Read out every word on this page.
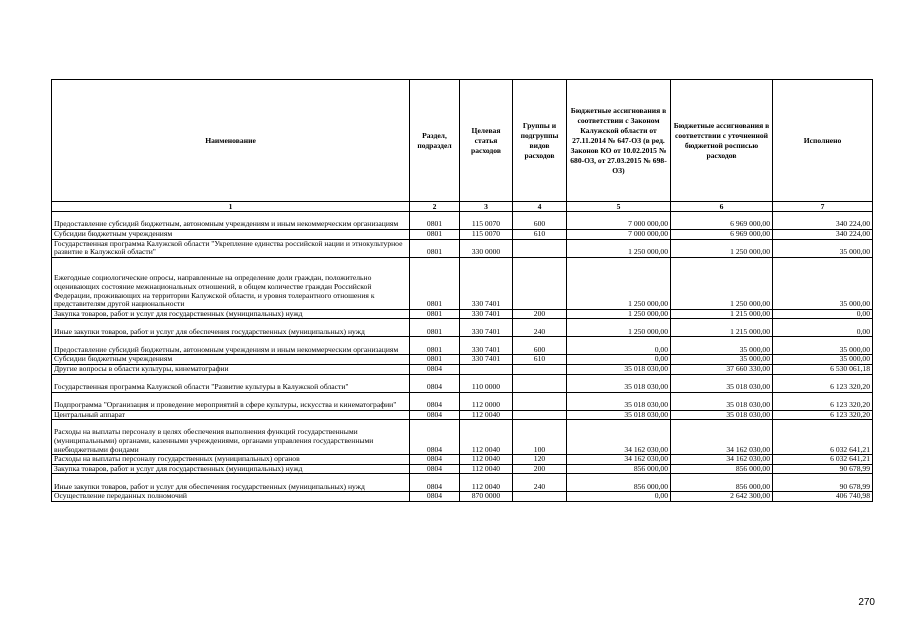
Наименование	Раздел, подраздел	Целевая статья расходов	Группы и подгруппы видов расходов	Бюджетные ассигнования в соответствии с Законом Калужской области от 27.11.2014 № 647-ОЗ (в ред. Законов КО от 10.02.2015 № 680-ОЗ, от 27.03.2015 № 698-ОЗ)	Бюджетные ассигнования в соответствии с уточненной бюджетной росписью расходов	Исполнено
1	2	3	4	5	6	7
Предоставление субсидий бюджетным, автономным учреждениям и иным некоммерческим организациям	0801	115 0070	600	7 000 000,00	6 969 000,00	340 224,00
Субсидии бюджетным учреждениям	0801	115 0070	610	7 000 000,00	6 969 000,00	340 224,00
Государственная программа Калужской области "Укрепление единства российской нации и этнокультурное развитие в Калужской области"	0801	330 0000		1 250 000,00	1 250 000,00	35 000,00
Ежегодные социологические опросы, направленные на определение доли граждан, положительно оценивающих состояние межнациональных отношений, в общем количестве граждан Российской Федерации, проживающих на территории Калужской области, и уровня толерантного отношения к представителям другой национальности	0801	330 7401		1 250 000,00	1 250 000,00	35 000,00
Закупка товаров, работ и услуг для государственных (муниципальных) нужд	0801	330 7401	200	1 250 000,00	1 215 000,00	0,00
Иные закупки товаров, работ и услуг для обеспечения государственных (муниципальных) нужд	0801	330 7401	240	1 250 000,00	1 215 000,00	0,00
Предоставление субсидий бюджетным, автономным учреждениям и иным некоммерческим организациям	0801	330 7401	600	0,00	35 000,00	35 000,00
Субсидии бюджетным учреждениям	0801	330 7401	610	0,00	35 000,00	35 000,00
Другие вопросы в области культуры, кинематографии	0804			35 018 030,00	37 660 330,00	6 530 061,18
Государственная программа Калужской области "Развитие культуры в Калужской области"	0804	110 0000		35 018 030,00	35 018 030,00	6 123 320,20
Подпрограмма "Организация и проведение мероприятий в сфере культуры, искусства и кинематографии"	0804	112 0000		35 018 030,00	35 018 030,00	6 123 320,20
Центральный аппарат	0804	112 0040		35 018 030,00	35 018 030,00	6 123 320,20
Расходы на выплаты персоналу в целях обеспечения выполнения функций государственными (муниципальными) органами, казенными учреждениями, органами управления государственными внебюджетными фондами	0804	112 0040	100	34 162 030,00	34 162 030,00	6 032 641,21
Расходы на выплаты персоналу государственных (муниципальных) органов	0804	112 0040	120	34 162 030,00	34 162 030,00	6 032 641,21
Закупка товаров, работ и услуг для государственных (муниципальных) нужд	0804	112 0040	200	856 000,00	856 000,00	90 678,99
Иные закупки товаров, работ и услуг для обеспечения государственных (муниципальных) нужд	0804	112 0040	240	856 000,00	856 000,00	90 678,99
Осуществление переданных полномочий	0804	870 0000		0,00	2 642 300,00	406 740,98
270
